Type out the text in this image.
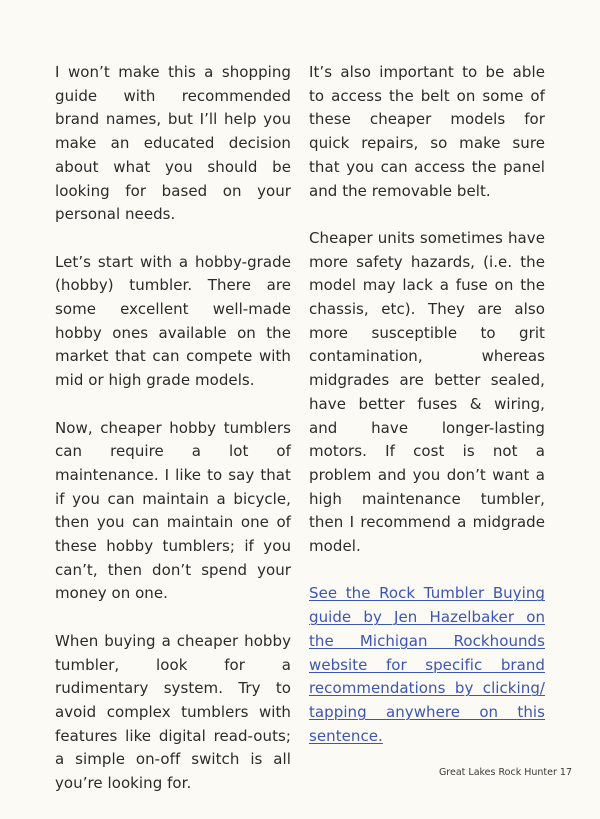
I won’t make this a shopping guide with recommended brand names, but I’ll help you make an educated decision about what you should be looking for based on your personal needs.

Let’s start with a hobby-grade (hobby) tumbler. There are some excellent well-made hobby ones available on the market that can compete with mid or high grade models.

Now, cheaper hobby tumblers can require a lot of maintenance. I like to say that if you can maintain a bicycle, then you can maintain one of these hobby tumblers; if you can’t, then don’t spend your money on one.

When buying a cheaper hobby tumbler, look for a rudimentary system. Try to avoid complex tumblers with features like digital read-outs; a simple on-off switch is all you’re looking for.

It’s also important to be able to access the belt on some of these cheaper models for quick repairs, so make sure that you can access the panel and the removable belt.

Cheaper units sometimes have more safety hazards, (i.e. the model may lack a fuse on the chassis, etc). They are also more susceptible to grit contamination, whereas midgrades are better sealed, have better fuses & wiring, and have longer-lasting motors. If cost is not a problem and you don’t want a high maintenance tumbler, then I recommend a midgrade model.

See the Rock Tumbler Buying guide by Jen Hazelbaker on the Michigan Rockhounds website for specific brand recommendations by clicking/ tapping anywhere on this sentence.

Great Lakes Rock Hunter 17
